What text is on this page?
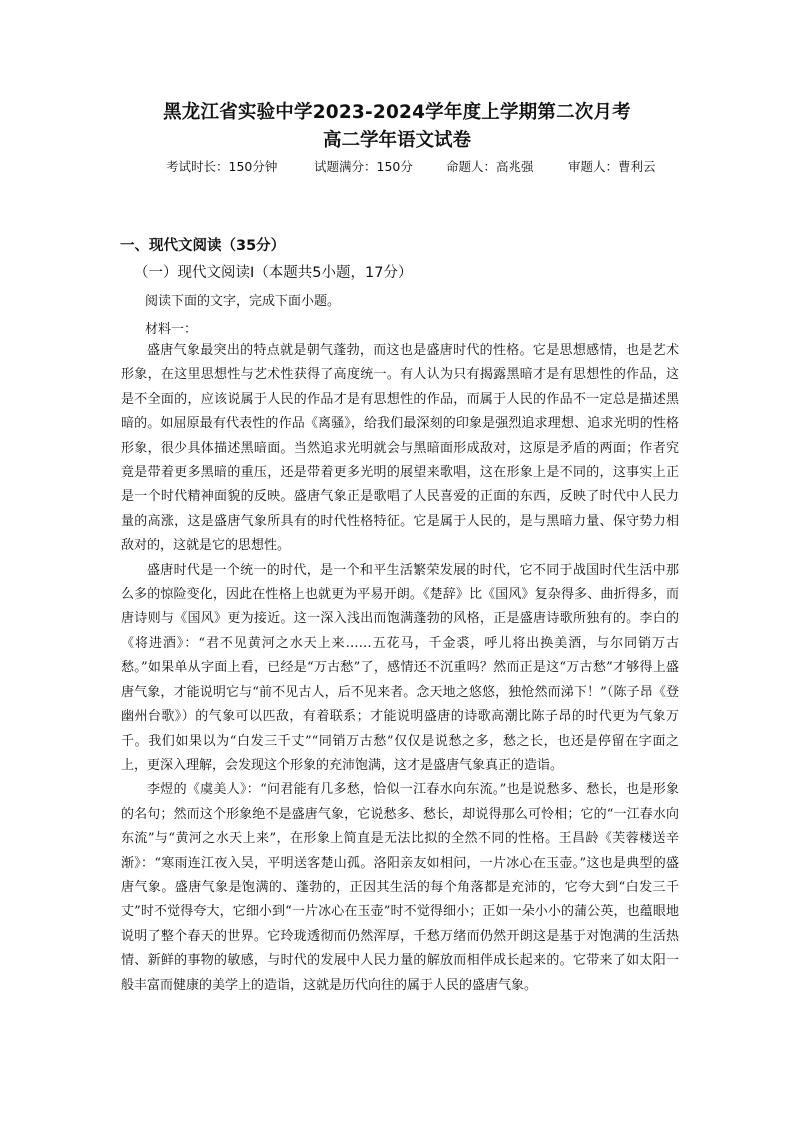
黑龙江省实验中学2023-2024学年度上学期第二次月考
高二学年语文试卷
考试时长：150分钟	试题满分：150分	命题人：高兆强	审题人：曹利云
一、现代文阅读（35分）
（一）现代文阅读Ⅰ（本题共5小题，17分）
阅读下面的文字，完成下面小题。
材料一：

盛唐气象最突出的特点就是朝气蓬勃，而这也是盛唐时代的性格。它是思想感情，也是艺术形象，在这里思想性与艺术性获得了高度统一。有人认为只有揭露黑暗才是有思想性的作品，这是不全面的，应该说属于人民的作品才是有思想性的作品，而属于人民的作品不一定总是描述黑暗的。如屈原最有代表性的作品《离骚》，给我们最深刻的印象是强烈追求理想、追求光明的性格形象，很少具体描述黑暗面。当然追求光明就会与黑暗面形成敌对，这原是矛盾的两面；作者究竟是带着更多黑暗的重压，还是带着更多光明的展望来歌唱，这在形象上是不同的，这事实上正是一个时代精神面貌的反映。盛唐气象正是歌唱了人民喜爱的正面的东西，反映了时代中人民力量的高涨，这是盛唐气象所具有的时代性格特征。它是属于人民的，是与黑暗力量、保守势力相敌对的，这就是它的思想性。

盛唐时代是一个统一的时代，是一个和平生活繁荣发展的时代，它不同于战国时代生活中那么多的惊险变化，因此在性格上也就更为平易开朗。《楚辞》比《国风》复杂得多、曲折得多，而唐诗则与《国风》更为接近。这一深入浅出而饱满蓬勃的风格，正是盛唐诗歌所独有的。李白的《将进酒》：“君不见黄河之水天上来……五花马，千金裘，呼儿将出换美酒，与尔同销万古愁。”如果单从字面上看，已经是“万古愁”了，感情还不沉重吗？然而正是这“万古愁”才够得上盛唐气象，才能说明它与“前不见古人，后不见来者。念天地之悠悠，独怆然而涕下！”（陈子昂《登幽州台歌》）的气象可以匹敌，有着联系；才能说明盛唐的诗歌高潮比陈子昂的时代更为气象万千。我们如果以为“白发三千丈”“同销万古愁”仅仅是说愁之多，愁之长，也还是停留在字面之上，更深入理解，会发现这个形象的充沛饱满，这才是盛唐气象真正的造诣。

李煜的《虞美人》：“问君能有几多愁，恰似一江春水向东流。”也是说愁多、愁长，也是形象的名句；然而这个形象绝不是盛唐气象，它说愁多、愁长，却说得那么可怜相；它的“一江春水向东流”与“黄河之水天上来”，在形象上简直是无法比拟的全然不同的性格。王昌龄《芙蓉楼送辛渐》：“寒雨连江夜入吴，平明送客楚山孤。洛阳亲友如相问，一片冰心在玉壶。”这也是典型的盛唐气象。盛唐气象是饱满的、蓬勃的，正因其生活的每个角落都是充沛的，它夸大到“白发三千丈”时不觉得夸大，它细小到“一片冰心在玉壶”时不觉得细小；正如一朵小小的蒲公英，也蕴眼地说明了整个春天的世界。它玲珑透彻而仍然浑厚，千愁万绪而仍然开朗这是基于对饱满的生活热情、新鲜的事物的敏感，与时代的发展中人民力量的解放而相伴成长起来的。它带来了如太阳一般丰富而健康的美学上的造诣，这就是历代向往的属于人民的盛唐气象。
